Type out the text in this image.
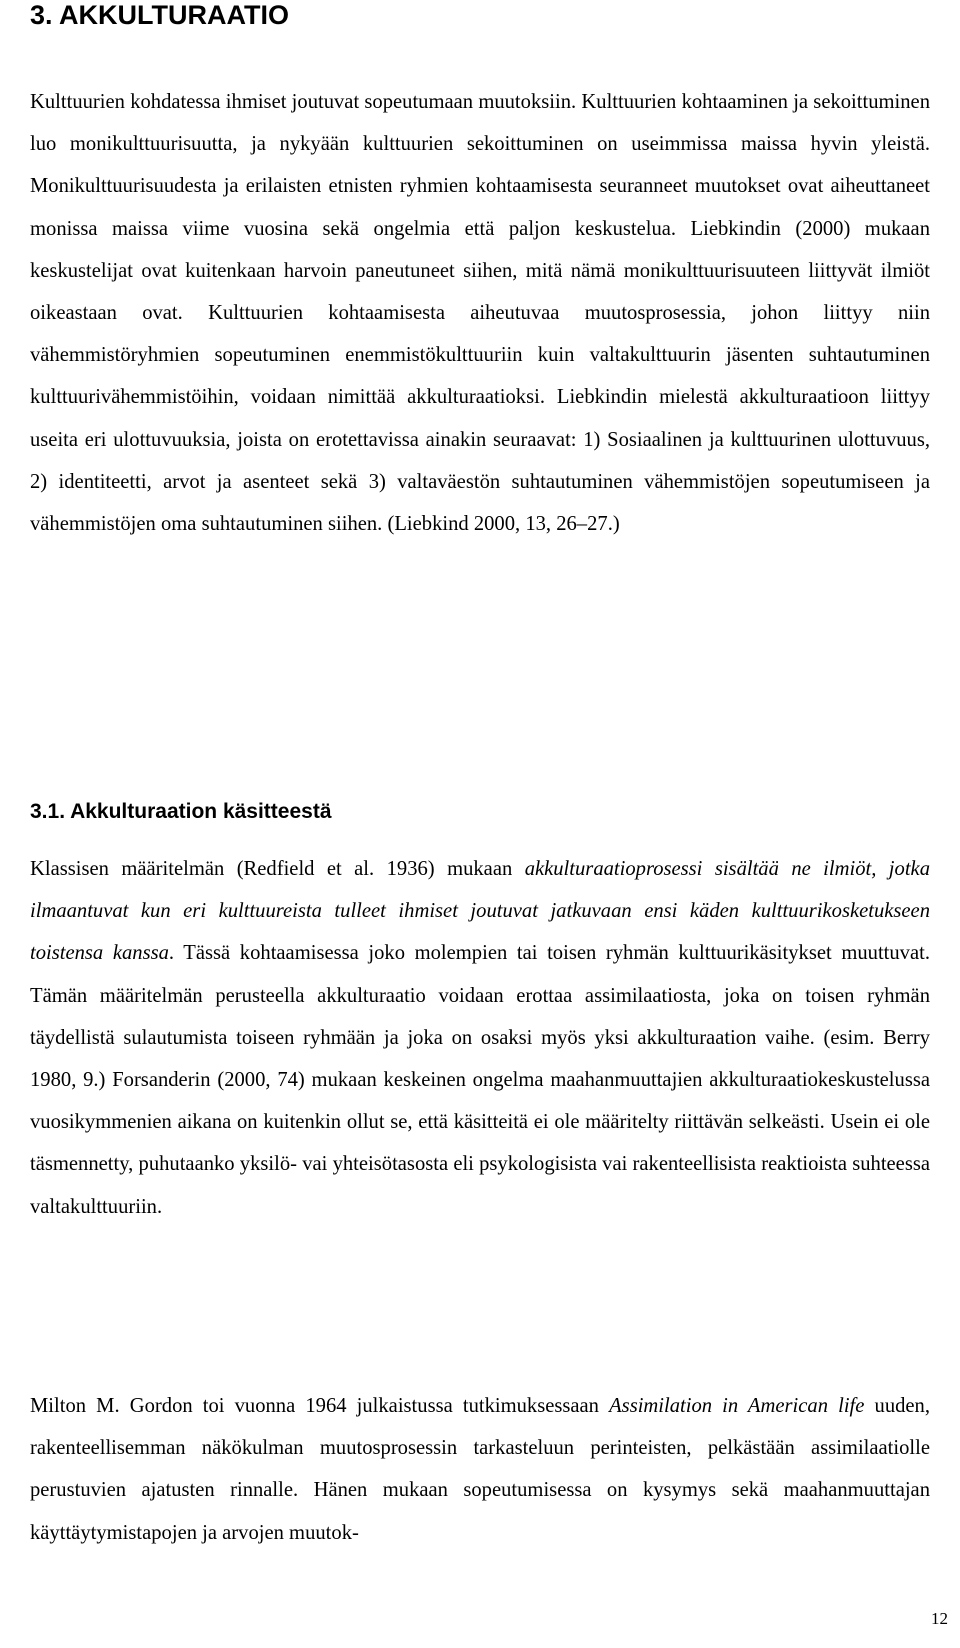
3. AKKULTURAATIO

Kulttuurien kohdatessa ihmiset joutuvat sopeutumaan muutoksiin. Kulttuurien kohtaaminen ja sekoittuminen luo monikulttuurisuutta, ja nykyään kulttuurien sekoittuminen on useimmissa maissa hyvin yleistä. Monikulttuurisuudesta ja erilaisten etnisten ryhmien kohtaamisesta seuranneet muutokset ovat aiheuttaneet monissa maissa viime vuosina sekä ongelmia että paljon keskustelua. Liebkindin (2000) mukaan keskustelijat ovat kuitenkaan harvoin paneutuneet siihen, mitä nämä monikulttuurisuuteen liittyvät ilmiöt oikeastaan ovat. Kulttuurien kohtaamisesta aiheutuvaa muutosprosessia, johon liittyy niin vähemmistöryhmien sopeutuminen enemmistökulttuuriin kuin valtakulttuurin jäsenten suhtautuminen kulttuurivähemmistöihin, voidaan nimittää akkulturaatioksi. Liebkindin mielestä akkulturaatioon liittyy useita eri ulottuvuuksia, joista on erotettavissa ainakin seuraavat: 1) Sosiaalinen ja kulttuurinen ulottuvuus, 2) identiteetti, arvot ja asenteet sekä 3) valtaväestön suhtautuminen vähemmistöjen sopeutumiseen ja vähemmistöjen oma suhtautuminen siihen. (Liebkind 2000, 13, 26–27.)

3.1. Akkulturaation käsitteestä

Klassisen määritelmän (Redfield et al. 1936) mukaan akkulturaatioprosessi sisältää ne ilmiöt, jotka ilmaantuvat kun eri kulttuureista tulleet ihmiset joutuvat jatkuvaan ensi käden kulttuurikosketukseen toistensa kanssa. Tässä kohtaamisessa joko molempien tai toisen ryhmän kulttuurikäsitykset muuttuvat. Tämän määritelmän perusteella akkulturaatio voidaan erottaa assimilaatiosta, joka on toisen ryhmän täydellistä sulautumista toiseen ryhmään ja joka on osaksi myös yksi akkulturaation vaihe. (esim. Berry 1980, 9.) Forsanderin (2000, 74) mukaan keskeinen ongelma maahanmuuttajien akkulturaatiokeskustelussa vuosikymmenien aikana on kuitenkin ollut se, että käsitteitä ei ole määritelty riittävän selkeästi. Usein ei ole täsmennetty, puhutaanko yksilö- vai yhteisötasosta eli psykologisista vai rakenteellisista reaktioista suhteessa valtakulttuuriin.

Milton M. Gordon toi vuonna 1964 julkaistussa tutkimuksessaan Assimilation in American life uuden, rakenteellisemman näkökulman muutosprosessin tarkasteluun perinteisten, pelkästään assimilaatiolle perustuvien ajatusten rinnalle. Hänen mukaan sopeutumisessa on kysymys sekä maahanmuuttajan käyttäytymistapojen ja arvojen muutok-

12
